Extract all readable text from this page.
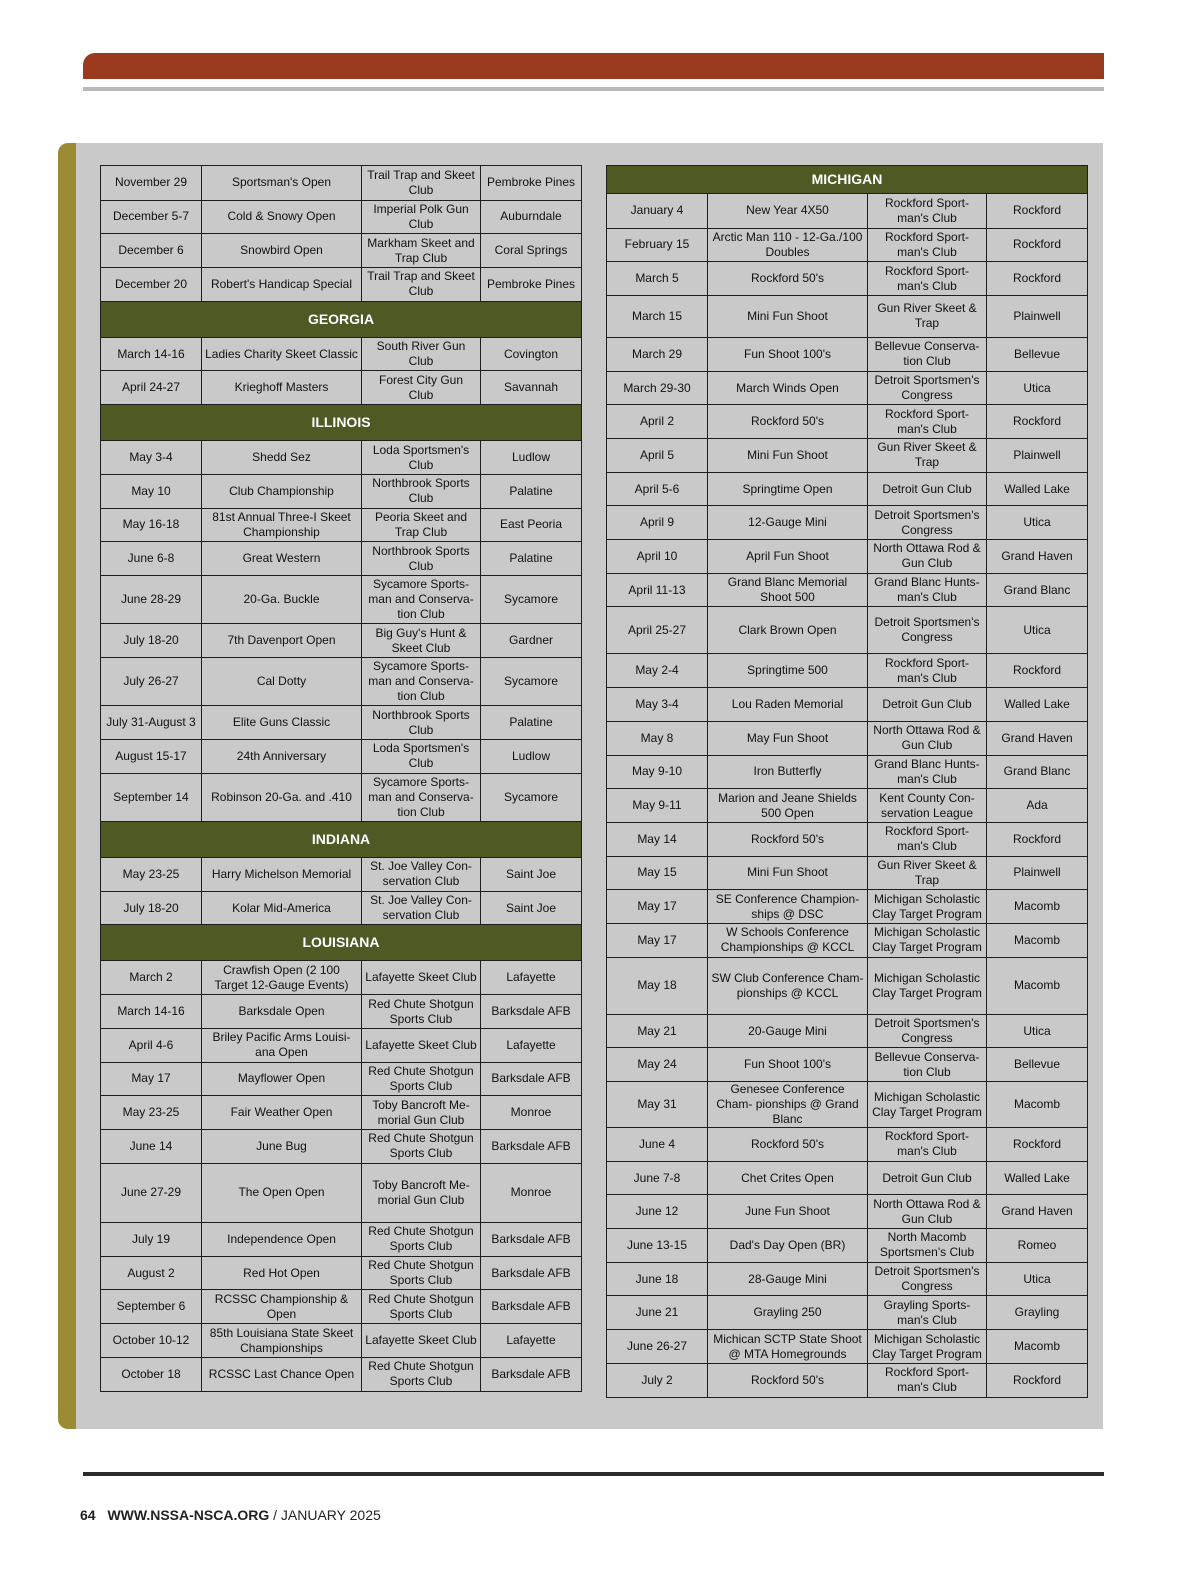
November 29	Sportsman's Open	Trail Trap and Skeet Club	Pembroke Pines
December 5-7	Cold & Snowy Open	Imperial Polk Gun Club	Auburndale
December 6	Snowbird Open	Markham Skeet and Trap Club	Coral Springs
December 20	Robert's Handicap Special	Trail Trap and Skeet Club	Pembroke Pines
GEORGIA			
March 14-16	Ladies Charity Skeet Classic	South River Gun Club	Covington
April 24-27	Krieghoff Masters	Forest City Gun Club	Savannah
ILLINOIS			
May 3-4	Shedd Sez	Loda Sportsmen's Club	Ludlow
May 10	Club Championship	Northbrook Sports Club	Palatine
May 16-18	81st Annual Three-I Skeet Championship	Peoria Skeet and Trap Club	East Peoria
June 6-8	Great Western	Northbrook Sports Club	Palatine
June 28-29	20-Ga. Buckle	Sycamore Sports- man and Conserva- tion Club	Sycamore
July 18-20	7th Davenport Open	Big Guy's Hunt & Skeet Club	Gardner
July 26-27	Cal Dotty	Sycamore Sports- man and Conserva- tion Club	Sycamore
July 31-August 3	Elite Guns Classic	Northbrook Sports Club	Palatine
August 15-17	24th Anniversary	Loda Sportsmen's Club	Ludlow
September 14	Robinson 20-Ga. and .410	Sycamore Sports- man and Conserva- tion Club	Sycamore
INDIANA			
May 23-25	Harry Michelson Memorial	St. Joe Valley Con- servation Club	Saint Joe
July 18-20	Kolar Mid-America	St. Joe Valley Con- servation Club	Saint Joe
LOUISIANA			
March 2	Crawfish Open (2 100 Target 12-Gauge Events)	Lafayette Skeet Club	Lafayette
March 14-16	Barksdale Open	Red Chute Shotgun Sports Club	Barksdale AFB
April 4-6	Briley Pacific Arms Louisi- ana Open	Lafayette Skeet Club	Lafayette
May 17	Mayflower Open	Red Chute Shotgun Sports Club	Barksdale AFB
May 23-25	Fair Weather Open	Toby Bancroft Me- morial Gun Club	Monroe
June 14	June Bug	Red Chute Shotgun Sports Club	Barksdale AFB
June 27-29	The Open Open	Toby Bancroft Me- morial Gun Club	Monroe
July 19	Independence Open	Red Chute Shotgun Sports Club	Barksdale AFB
August 2	Red Hot Open	Red Chute Shotgun Sports Club	Barksdale AFB
September 6	RCSSC Championship & Open	Red Chute Shotgun Sports Club	Barksdale AFB
October 10-12	85th Louisiana State Skeet Championships	Lafayette Skeet Club	Lafayette
October 18	RCSSC Last Chance Open	Red Chute Shotgun Sports Club	Barksdale AFB
MICHIGAN			
January 4	New Year 4X50	Rockford Sport- man's Club	Rockford
February 15	Arctic Man 110 - 12-Ga./100 Doubles	Rockford Sport- man's Club	Rockford
March 5	Rockford 50's	Rockford Sport- man's Club	Rockford
March 15	Mini Fun Shoot	Gun River Skeet & Trap	Plainwell
March 29	Fun Shoot 100's	Bellevue Conserva- tion Club	Bellevue
March 29-30	March Winds Open	Detroit Sportsmen's Congress	Utica
April 2	Rockford 50's	Rockford Sport- man's Club	Rockford
April 5	Mini Fun Shoot	Gun River Skeet & Trap	Plainwell
April 5-6	Springtime Open	Detroit Gun Club	Walled Lake
April 9	12-Gauge Mini	Detroit Sportsmen's Congress	Utica
April 10	April Fun Shoot	North Ottawa Rod & Gun Club	Grand Haven
April 11-13	Grand Blanc Memorial Shoot 500	Grand Blanc Hunts- man's Club	Grand Blanc
April 25-27	Clark Brown Open	Detroit Sportsmen's Congress	Utica
May 2-4	Springtime 500	Rockford Sport- man's Club	Rockford
May 3-4	Lou Raden Memorial	Detroit Gun Club	Walled Lake
May 8	May Fun Shoot	North Ottawa Rod & Gun Club	Grand Haven
May 9-10	Iron Butterfly	Grand Blanc Hunts- man's Club	Grand Blanc
May 9-11	Marion and Jeane Shields 500 Open	Kent County Con- servation League	Ada
May 14	Rockford 50's	Rockford Sport- man's Club	Rockford
May 15	Mini Fun Shoot	Gun River Skeet & Trap	Plainwell
May 17	SE Conference Champion- ships @ DSC	Michigan Scholastic Clay Target Program	Macomb
May 17	W Schools Conference Championships @ KCCL	Michigan Scholastic Clay Target Program	Macomb
May 18	SW Club Conference Cham- pionships @ KCCL	Michigan Scholastic Clay Target Program	Macomb
May 21	20-Gauge Mini	Detroit Sportsmen's Congress	Utica
May 24	Fun Shoot 100's	Bellevue Conserva- tion Club	Bellevue
May 31	Genesee Conference Cham- pionships @ Grand Blanc	Michigan Scholastic Clay Target Program	Macomb
June 4	Rockford 50's	Rockford Sport- man's Club	Rockford
June 7-8	Chet Crites Open	Detroit Gun Club	Walled Lake
June 12	June Fun Shoot	North Ottawa Rod & Gun Club	Grand Haven
June 13-15	Dad's Day Open (BR)	North Macomb Sportsmen's Club	Romeo
June 18	28-Gauge Mini	Detroit Sportsmen's Congress	Utica
June 21	Grayling 250	Grayling Sports- man's Club	Grayling
June 26-27	Michican SCTP State Shoot @ MTA Homegrounds	Michigan Scholastic Clay Target Program	Macomb
July 2	Rockford 50's	Rockford Sport- man's Club	Rockford
64 WWW.NSSA-NSCA.ORG / JANUARY 2025
